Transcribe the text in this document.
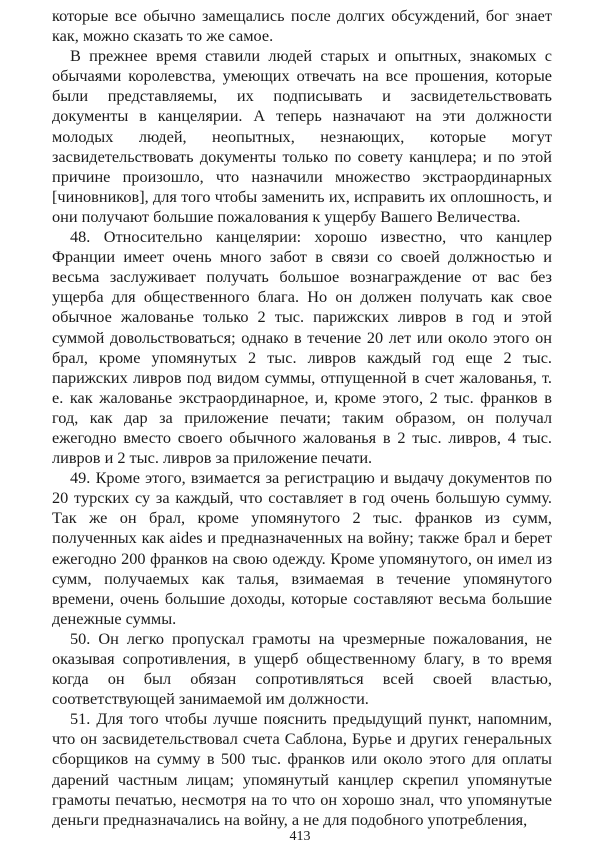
которые все обычно замещались после долгих обсуждений, бог знает как, можно сказать то же самое.

В прежнее время ставили людей старых и опытных, знакомых с обычаями королевства, умеющих отвечать на все прошения, которые были представляемы, их подписывать и засвидетельствовать документы в канцелярии. А теперь назначают на эти должности молодых людей, неопытных, незнающих, которые могут засвидетельствовать документы только по совету канцлера; и по этой причине произошло, что назначили множество экстраординарных [чиновников], для того чтобы заменить их, исправить их оплошность, и они получают большие пожалования к ущербу Вашего Величества.

48. Относительно канцелярии: хорошо известно, что канцлер Франции имеет очень много забот в связи со своей должностью и весьма заслуживает получать большое вознаграждение от вас без ущерба для общественного блага. Но он должен получать как свое обычное жалованье только 2 тыс. парижских ливров в год и этой суммой довольствоваться; однако в течение 20 лет или около этого он брал, кроме упомянутых 2 тыс. ливров каждый год еще 2 тыс. парижских ливров под видом суммы, отпущенной в счет жалованья, т. е. как жалованье экстраординарное, и, кроме этого, 2 тыс. франков в год, как дар за приложение печати; таким образом, он получал ежегодно вместо своего обычного жалованья в 2 тыс. ливров, 4 тыс. ливров и 2 тыс. ливров за приложение печати.

49. Кроме этого, взимается за регистрацию и выдачу документов по 20 турских су за каждый, что составляет в год очень большую сумму. Так же он брал, кроме упомянутого 2 тыс. франков из сумм, полученных как aides и предназначенных на войну; также брал и берет ежегодно 200 франков на свою одежду. Кроме упомянутого, он имел из сумм, получаемых как талья, взимаемая в течение упомянутого времени, очень большие доходы, которые составляют весьма большие денежные суммы.

50. Он легко пропускал грамоты на чрезмерные пожалования, не оказывая сопротивления, в ущерб общественному благу, в то время когда он был обязан сопротивляться всей своей властью, соответствующей занимаемой им должности.

51. Для того чтобы лучше пояснить предыдущий пункт, напомним, что он засвидетельствовал счета Саблона, Бурье и других генеральных сборщиков на сумму в 500 тыс. франков или около этого для оплаты дарений частным лицам; упомянутый канцлер скрепил упомянутые грамоты печатью, несмотря на то что он хорошо знал, что упомянутые деньги предназначались на войну, а не для подобного употребления,

413
